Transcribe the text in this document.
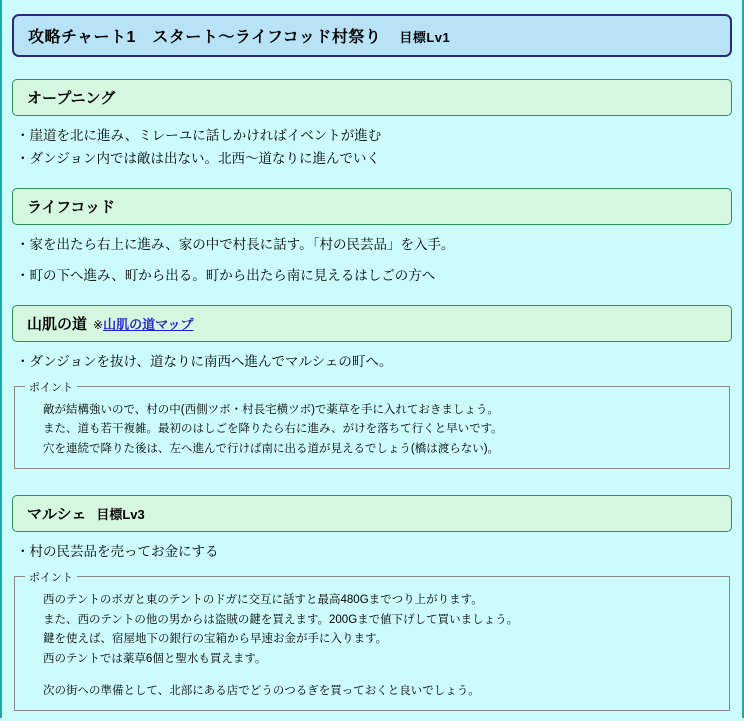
攻略チャート1　スタート〜ライフコッド村祭り 目標Lv1
オープニング
・崖道を北に進み、ミレーユに話しかければイベントが進む
・ダンジョン内では敵は出ない。北西〜道なりに進んでいく
ライフコッド
・家を出たら右上に進み、家の中で村長に話す。「村の民芸品」を入手。
・町の下へ進み、町から出る。町から出たら南に見えるはしごの方へ
山肌の道 ※山肌の道マップ
・ダンジョンを抜け、道なりに南西へ進んでマルシェの町へ。
ポイント
敵が結構強いので、村の中(西側ツボ・村長宅横ツボ)で薬草を手に入れておきましょう。
また、道も若干複雑。最初のはしごを降りたら右に進み、がけを落ちて行くと早いです。
穴を連続で降りた後は、左へ進んで行けば南に出る道が見えるでしょう(橋は渡らない)。
マルシェ 目標Lv3
・村の民芸品を売ってお金にする
ポイント
西のテントのボガと東のテントのドガに交互に話すと最高480Gまでつり上がります。
また、西のテントの他の男からは盗賊の鍵を買えます。200Gまで値下げして買いましょう。
鍵を使えば、宿屋地下の銀行の宝箱から早速お金が手に入ります。
西のテントでは薬草6個と聖水も買えます。
次の街への準備として、北部にある店でどうのつるぎを買っておくと良いでしょう。
